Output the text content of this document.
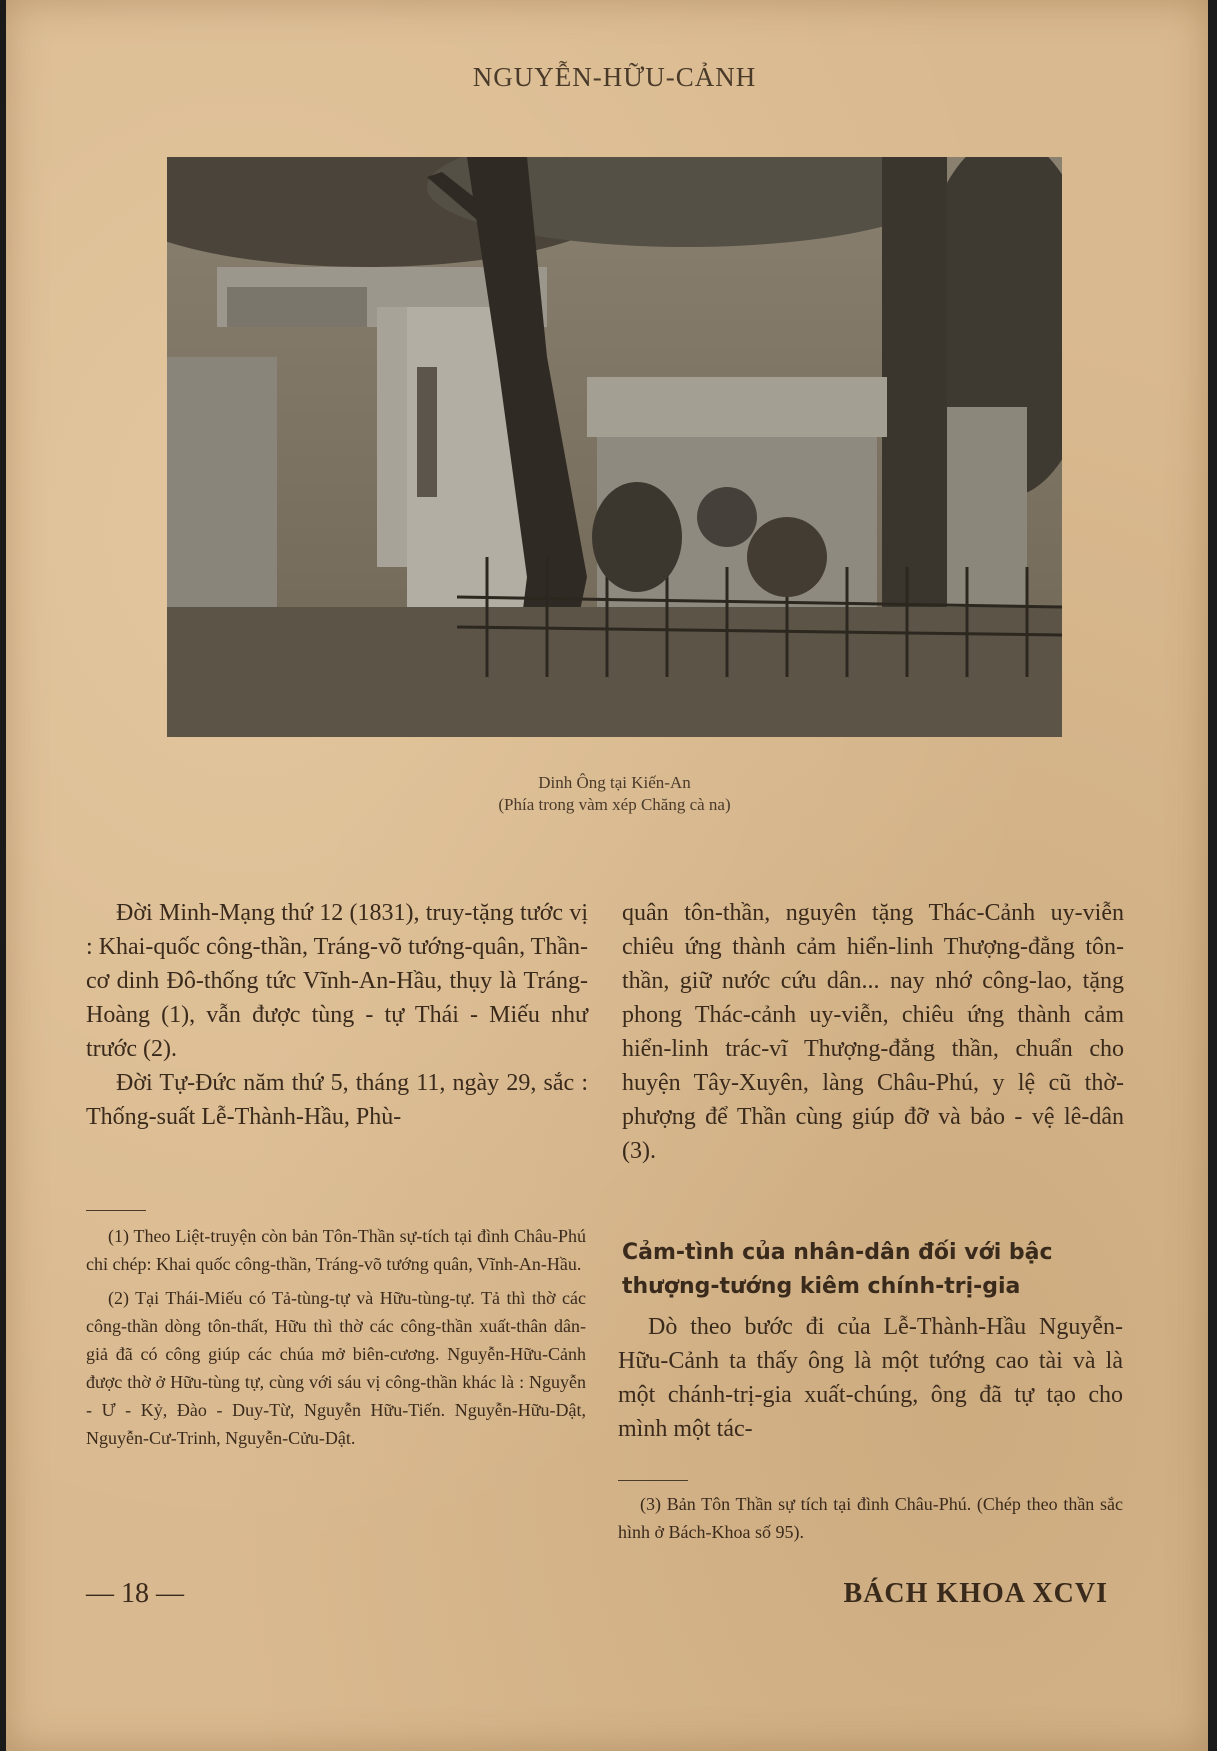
NGUYỄN-HỮU-CẢNH
Dinh Ông tại Kiến-An
(Phía trong vàm xép Chăng cà na)

Đời Minh-Mạng thứ 12 (1831), truy-tặng tước vị : Khai-quốc công-thần, Tráng-võ tướng-quân, Thần-cơ dinh Đô-thống tức Vĩnh-An-Hầu, thụy là Tráng-Hoàng (1), vẫn được tùng - tự Thái - Miếu như trước (2).

Đời Tự-Đức năm thứ 5, tháng 11, ngày 29, sắc : Thống-suất Lễ-Thành-Hầu, Phù-

(1) Theo Liệt-truyện còn bản Tôn-Thần sự-tích tại đình Châu-Phú chỉ chép: Khai quốc công-thần, Tráng-võ tướng quân, Vĩnh-An-Hầu.

(2) Tại Thái-Miếu có Tả-tùng-tự và Hữu-tùng-tự. Tả thì thờ các công-thần dòng tôn-thất, Hữu thì thờ các công-thần xuất-thân dân-giả đã có công giúp các chúa mở biên-cương. Nguyễn-Hữu-Cảnh được thờ ở Hữu-tùng tự, cùng với sáu vị công-thần khác là : Nguyễn - Ư - Kỷ, Đào - Duy-Từ, Nguyễn Hữu-Tiến. Nguyễn-Hữu-Dật, Nguyễn-Cư-Trinh, Nguyễn-Cửu-Dật.

quân tôn-thần, nguyên tặng Thác-Cảnh uy-viễn chiêu ứng thành cảm hiển-linh Thượng-đẳng tôn-thần, giữ nước cứu dân... nay nhớ công-lao, tặng phong Thác-cảnh uy-viễn, chiêu ứng thành cảm hiển-linh trác-vĩ Thượng-đẳng thần, chuẩn cho huyện Tây-Xuyên, làng Châu-Phú, y lệ cũ thờ-phượng để Thần cùng giúp đỡ và bảo - vệ lê-dân (3).

Cảm-tình của nhân-dân đối với bậc thượng-tướng kiêm chính-trị-gia

Dò theo bước đi của Lễ-Thành-Hầu Nguyễn-Hữu-Cảnh ta thấy ông là một tướng cao tài và là một chánh-trị-gia xuất-chúng, ông đã tự tạo cho mình một tác-

(3) Bản Tôn Thần sự tích tại đình Châu-Phú. (Chép theo thần sắc hình ở Bách-Khoa số 95).

— 18 —	BÁCH KHOA XCVI
